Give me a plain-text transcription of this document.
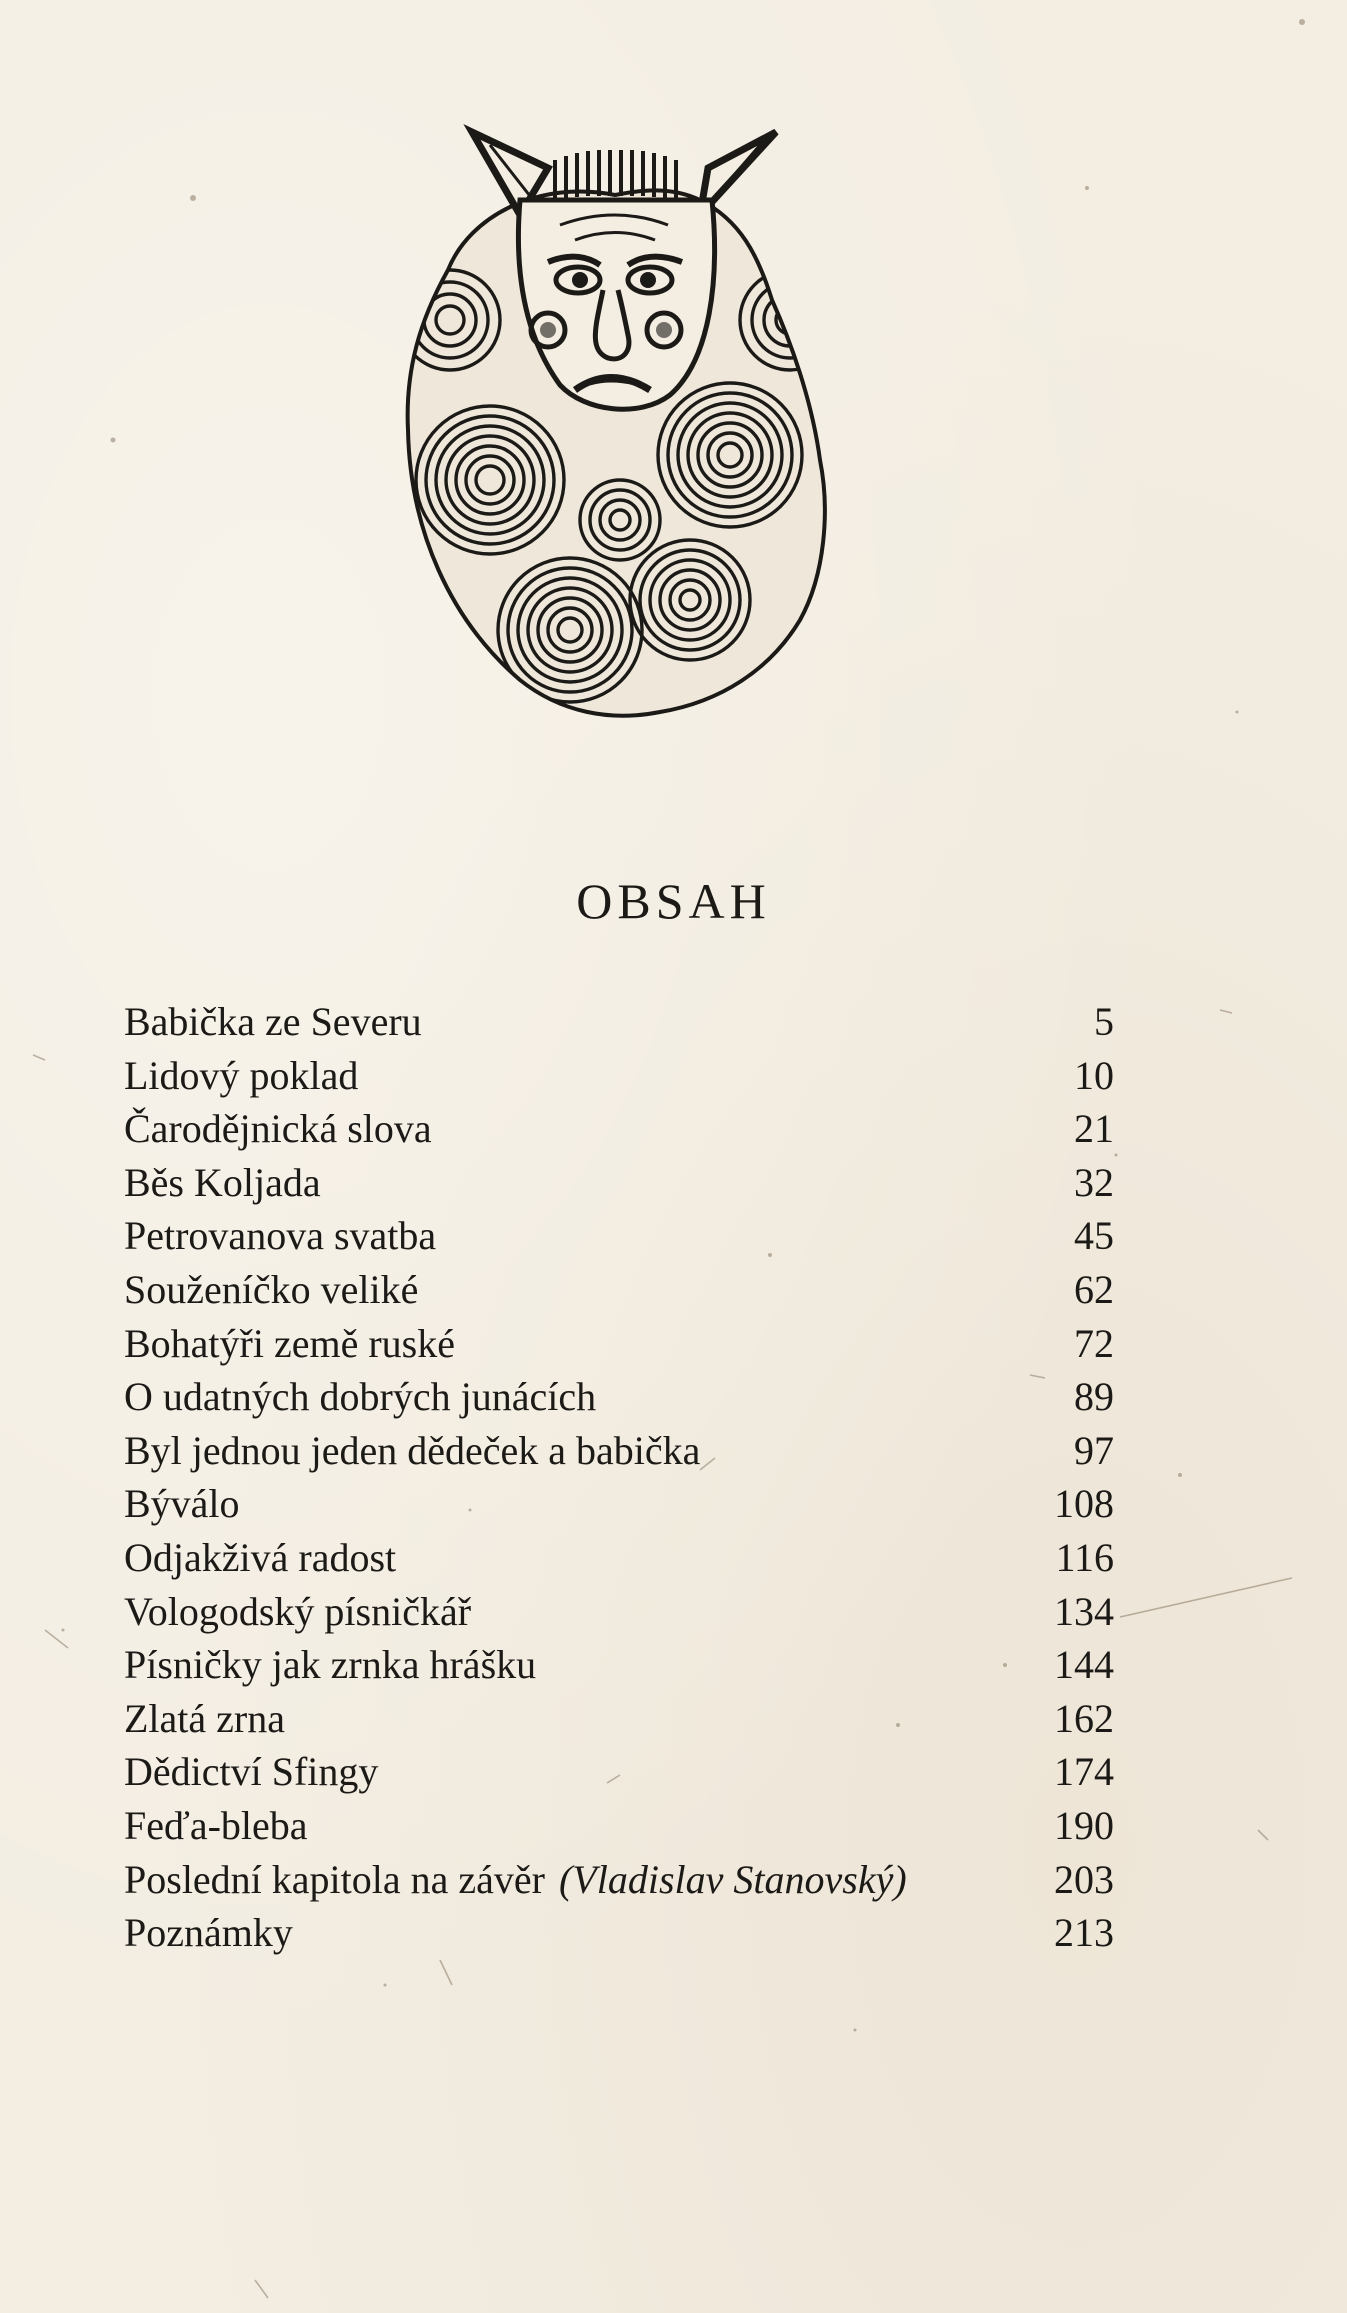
OBSAH
Babička ze Severu	5
Lidový poklad	10
Čarodějnická slova	21
Běs Koljada	32
Petrovanova svatba	45
Souženíčko veliké	62
Bohatýři země ruské	72
O udatných dobrých junácích	89
Byl jednou jeden dědeček a babička	97
Býválo	108
Odjakživá radost	116
Vologodský písničkář	134
Písničky jak zrnka hrášku	144
Zlatá zrna	162
Dědictví Sfingy	174
Feďa-bleba	190
Poslední kapitola na závěr (Vladislav Stanovský)	203
Poznámky	213
